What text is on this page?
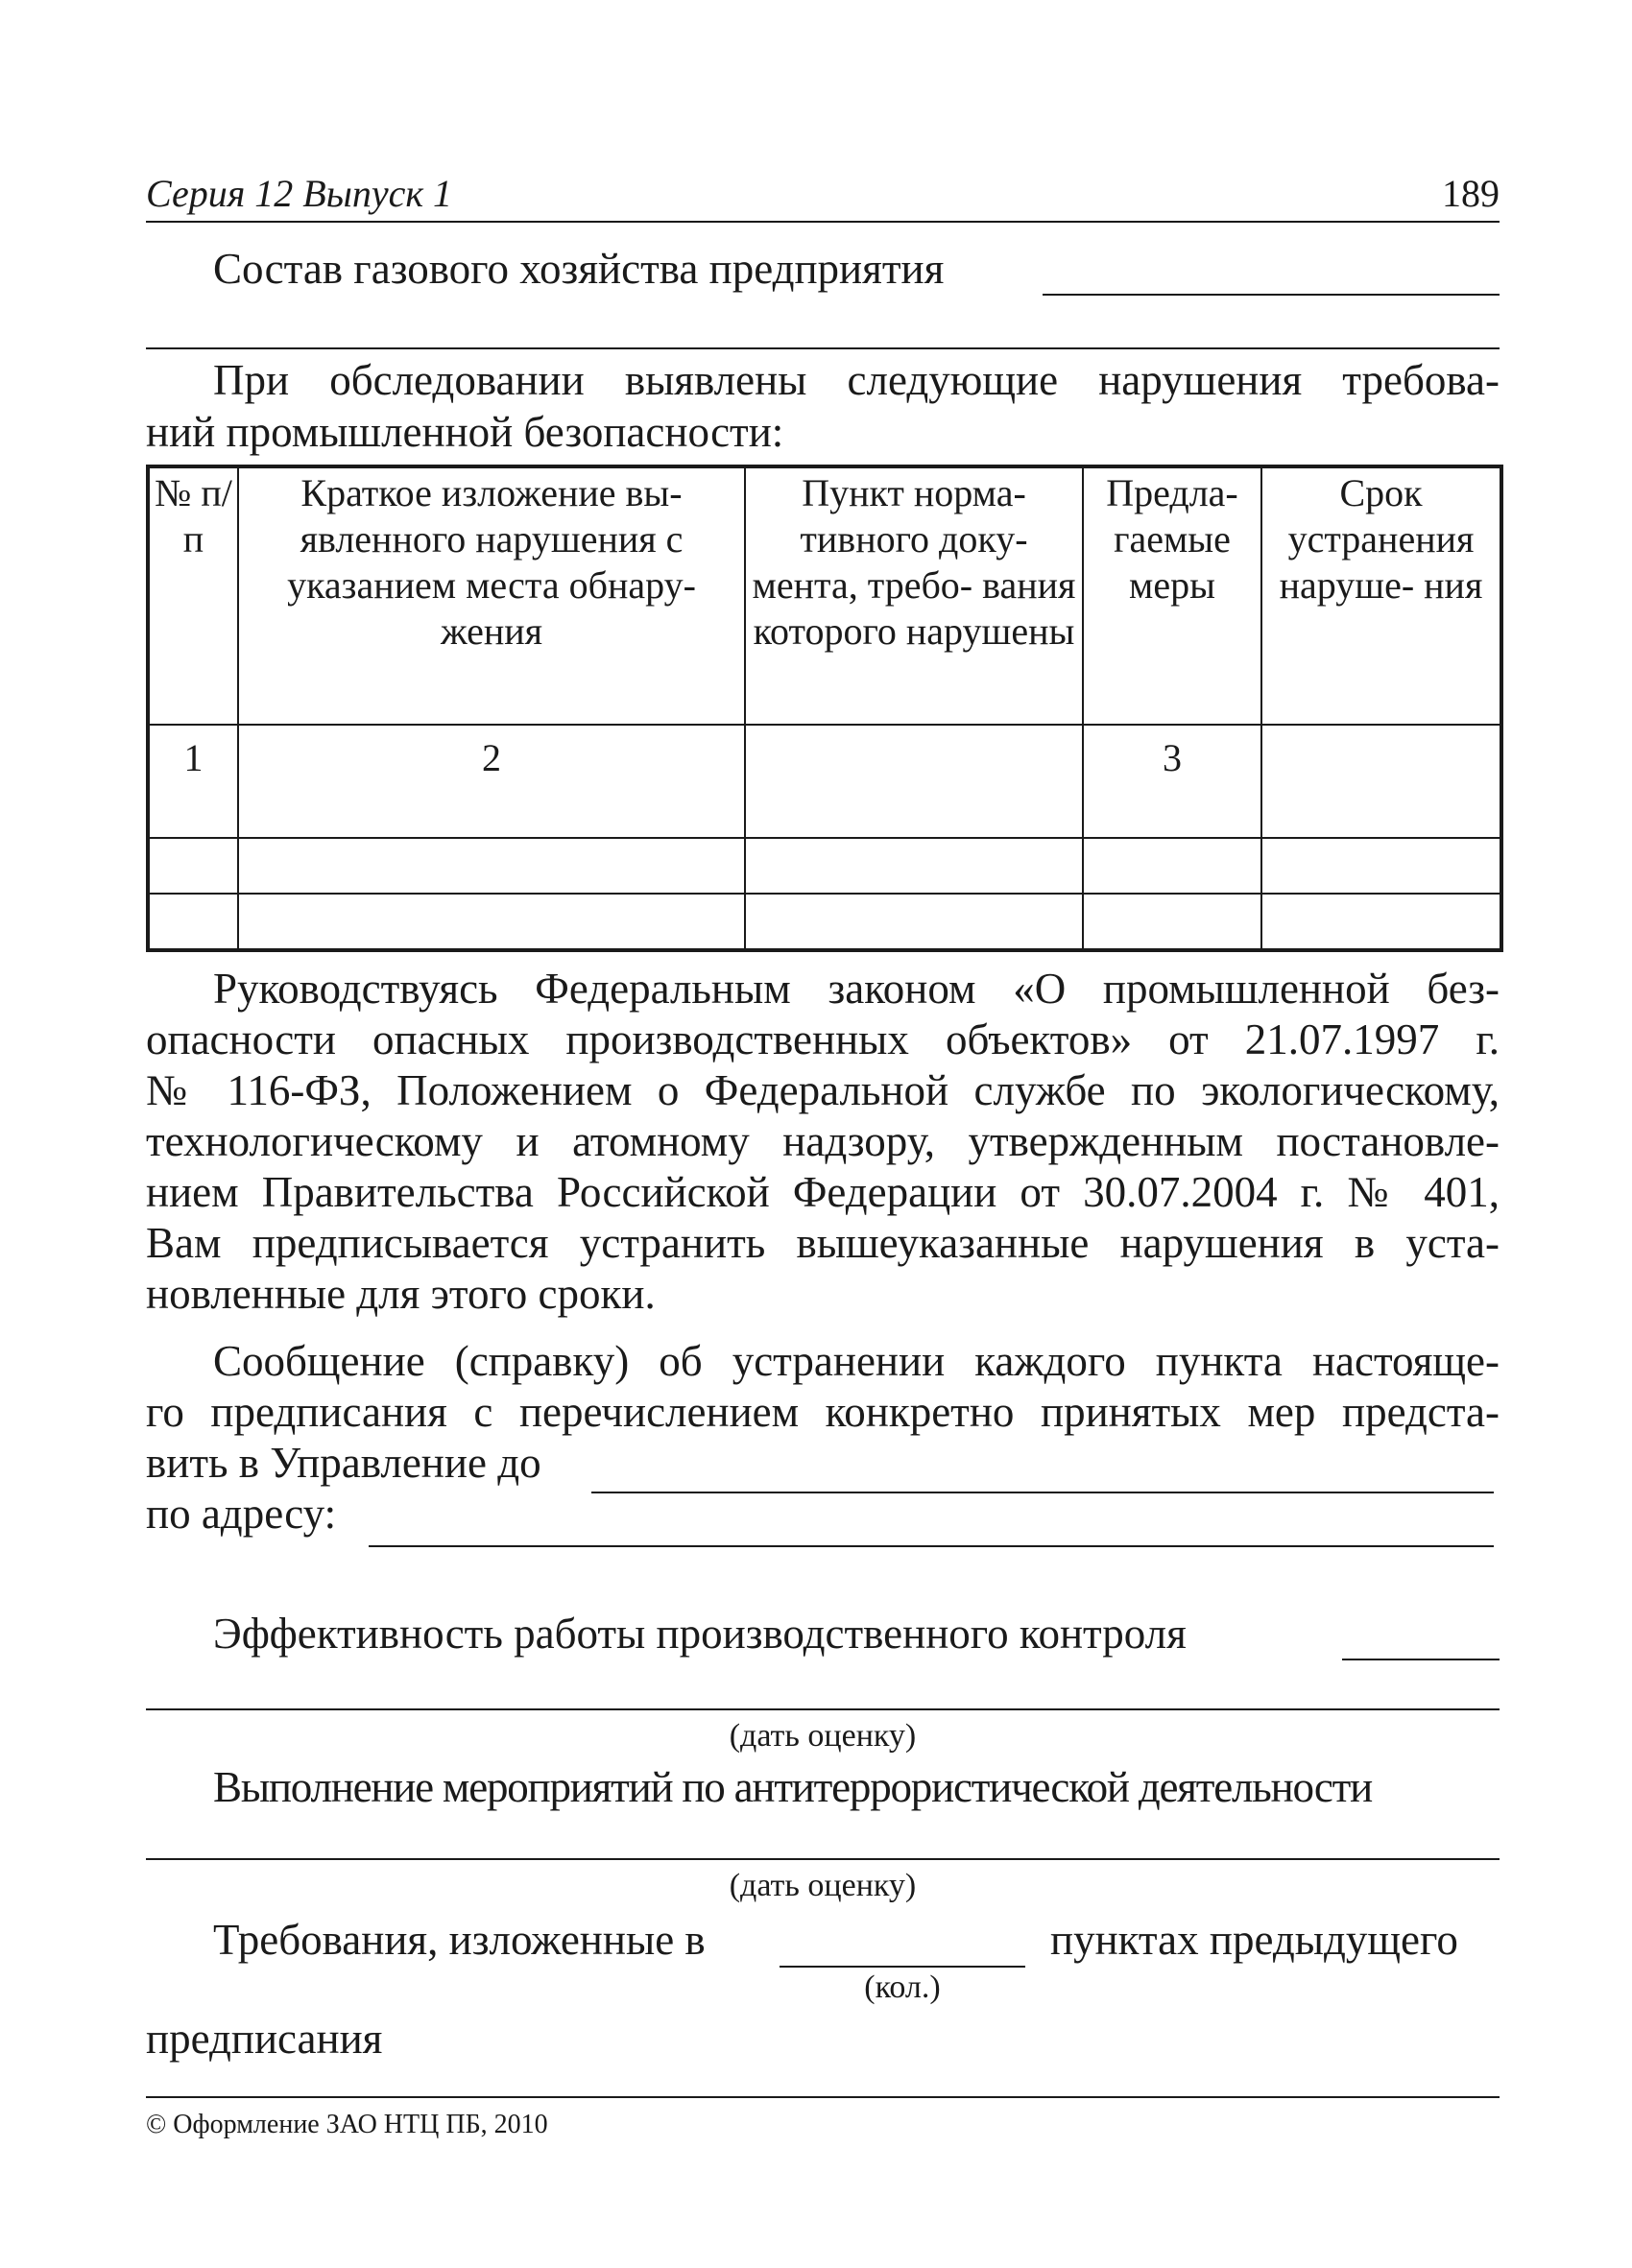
Серия 12 Выпуск 1	189
Состав газового хозяйства предприятия
При обследовании выявлены следующие нарушения требова-
ний промышленной безопасности:
№ п/п	Краткое изложение вы- явленного нарушения с указанием места обнару- жения	Пункт норма- тивного доку- мента, требо- вания которого нарушены	Предла- гаемые меры	Срок устранения наруше- ния
1	2		3	

Руководствуясь Федеральным законом «О промышленной без-
опасности опасных производственных объектов» от 21.07.1997 г.
№ 116-ФЗ, Положением о Федеральной службе по экологическому,
технологическому и атомному надзору, утвержденным постановле-
нием Правительства Российской Федерации от 30.07.2004 г. № 401,
Вам предписывается устранить вышеуказанные нарушения в уста-
новленные для этого сроки.
Сообщение (справку) об устранении каждого пункта настояще-
го предписания с перечислением конкретно принятых мер предста-
вить в Управление до
по адресу:
Эффективность работы производственного контроля
(дать оценку)
Выполнение мероприятий по антитеррористической деятельности
(дать оценку)
Требования, изложенные в	пунктах предыдущего
(кол.)
предписания
© Оформление ЗАО НТЦ ПБ, 2010
